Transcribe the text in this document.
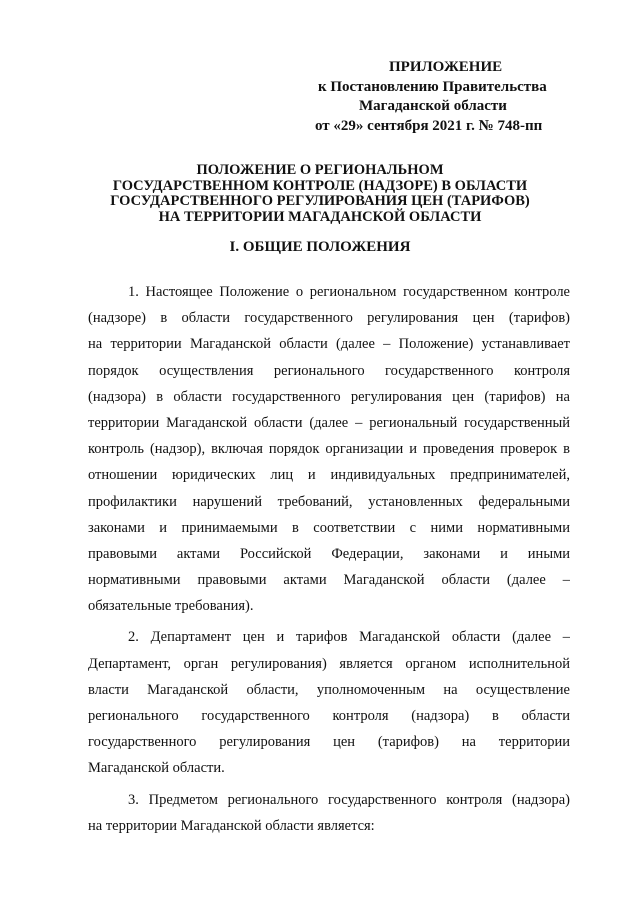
ПРИЛОЖЕНИЕ
к Постановлению Правительства
Магаданской области
от «29» сентября 2021 г. № 748-пп
ПОЛОЖЕНИЕ О РЕГИОНАЛЬНОМ
ГОСУДАРСТВЕННОМ КОНТРОЛЕ (НАДЗОРЕ) В ОБЛАСТИ
ГОСУДАРСТВЕННОГО РЕГУЛИРОВАНИЯ ЦЕН (ТАРИФОВ)
НА ТЕРРИТОРИИ МАГАДАНСКОЙ ОБЛАСТИ
I. ОБЩИЕ ПОЛОЖЕНИЯ
1. Настоящее Положение о региональном государственном контроле
(надзоре) в области государственного регулирования цен (тарифов)
на территории Магаданской области (далее – Положение) устанавливает
порядок осуществления регионального государственного контроля
(надзора) в области государственного регулирования цен (тарифов) на
территории Магаданской области (далее – региональный государственный
контроль (надзор), включая порядок организации и проведения проверок в
отношении юридических лиц и индивидуальных предпринимателей,
профилактики нарушений требований, установленных федеральными
законами и принимаемыми в соответствии с ними нормативными
правовыми актами Российской Федерации, законами и иными
нормативными правовыми актами Магаданской области (далее –
обязательные требования).
2. Департамент цен и тарифов Магаданской области (далее –
Департамент, орган регулирования) является органом исполнительной
власти Магаданской области, уполномоченным на осуществление
регионального государственного контроля (надзора) в области
государственного регулирования цен (тарифов) на территории
Магаданской области.
3. Предметом регионального государственного контроля (надзора)
на территории Магаданской области является:
